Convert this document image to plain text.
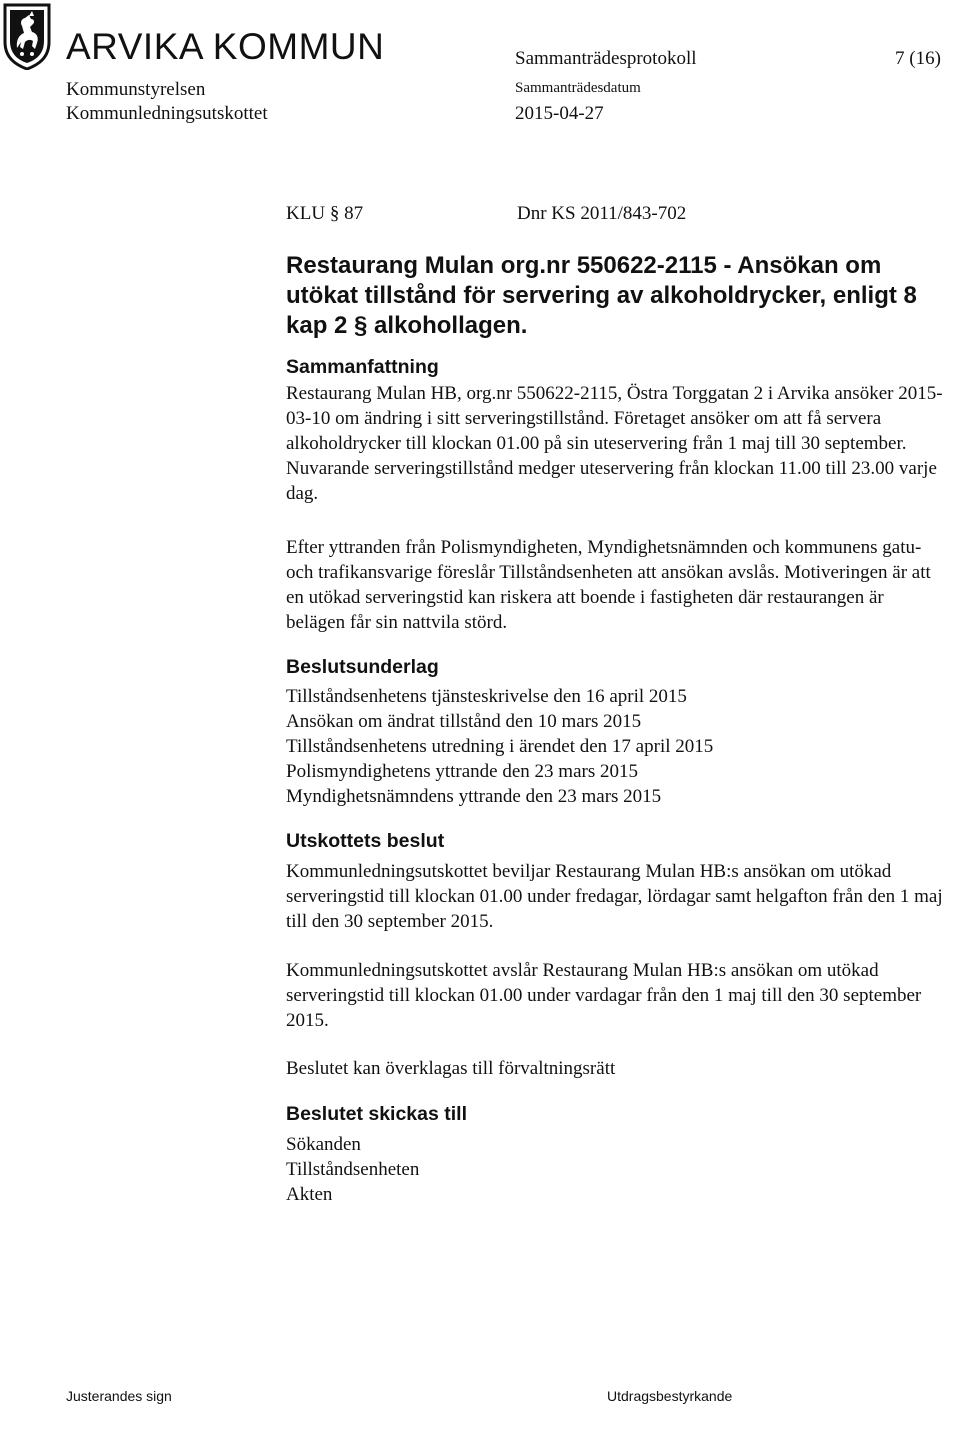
ARVIKA KOMMUN	Sammanträdesprotokoll	7 (16)
Kommunstyrelsen
Kommunledningsutskottet
Sammanträdesdatum
2015-04-27
KLU § 87	Dnr KS 2011/843-702
Restaurang Mulan org.nr 550622-2115 - Ansökan om utökat tillstånd för servering av alkoholdrycker, enligt 8 kap 2 § alkohollagen.
Sammanfattning

Restaurang Mulan HB, org.nr 550622-2115, Östra Torggatan 2 i Arvika ansöker 2015-03-10 om ändring i sitt serveringstillstånd. Företaget ansöker om att få servera alkoholdrycker till klockan 01.00 på sin uteservering från 1 maj till 30 september. Nuvarande serveringstillstånd medger uteservering från klockan 11.00 till 23.00 varje dag.

Efter yttranden från Polismyndigheten, Myndighetsnämnden och kommunens gatu- och trafikansvarige föreslår Tillståndsenheten att ansökan avslås. Motiveringen är att en utökad serveringstid kan riskera att boende i fastigheten där restaurangen är belägen får sin nattvila störd.

Beslutsunderlag
Tillståndsenhetens tjänsteskrivelse den 16 april 2015
Ansökan om ändrat tillstånd den 10 mars 2015
Tillståndsenhetens utredning i ärendet den 17 april 2015
Polismyndighetens yttrande den 23 mars 2015
Myndighetsnämndens yttrande den 23 mars 2015
Utskottets beslut

Kommunledningsutskottet beviljar Restaurang Mulan HB:s ansökan om utökad serveringstid till klockan 01.00 under fredagar, lördagar samt helgafton från den 1 maj till den 30 september 2015.

Kommunledningsutskottet avslår Restaurang Mulan HB:s ansökan om utökad serveringstid till klockan 01.00 under vardagar från den 1 maj till den 30 september 2015.

Beslutet kan överklagas till förvaltningsrätt

Beslutet skickas till
Sökanden
Tillståndsenheten
Akten
Justerandes sign	Utdragsbestyrkande
